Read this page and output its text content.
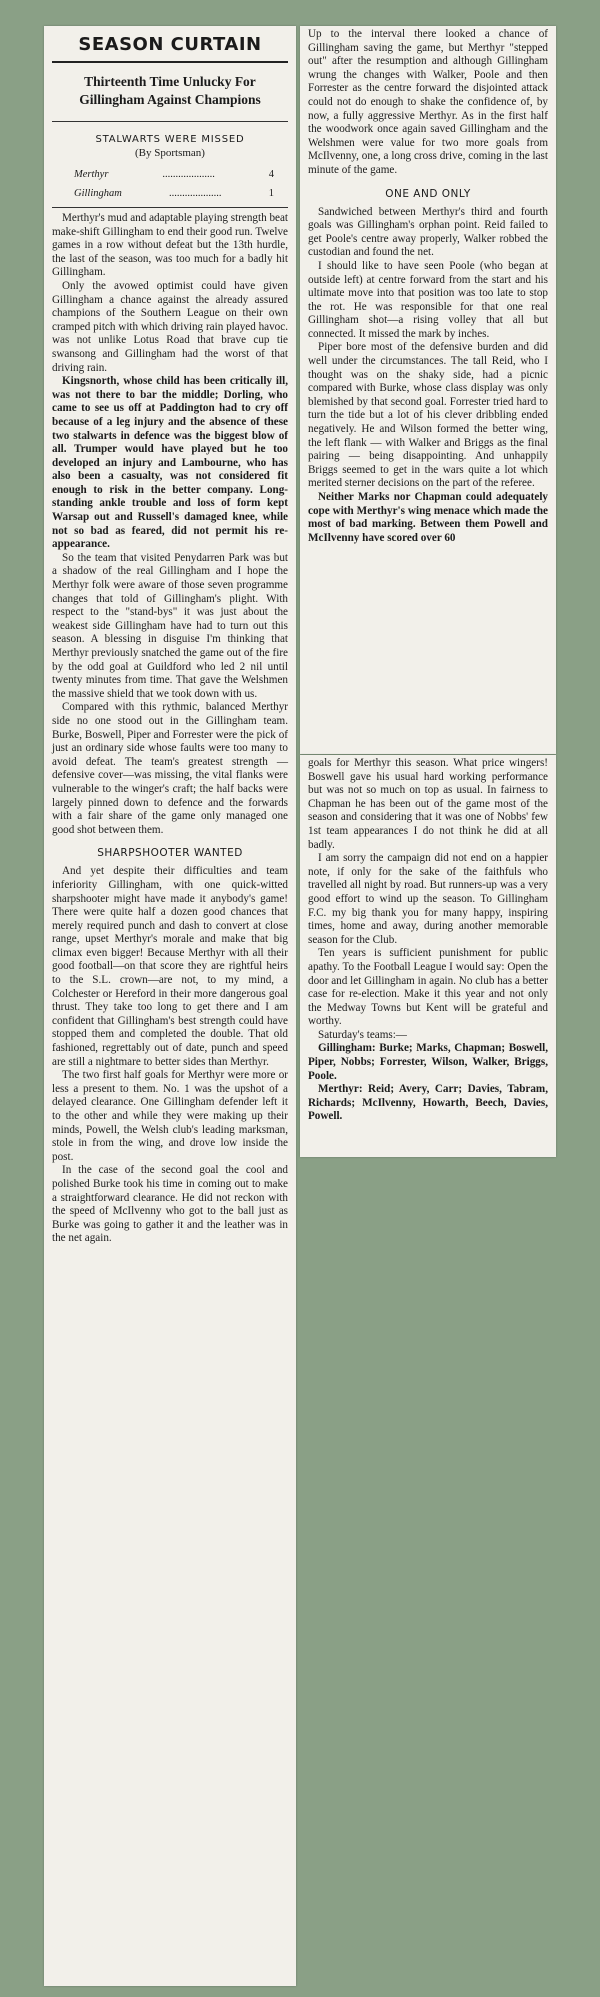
SEASON CURTAIN
Thirteenth Time Unlucky For Gillingham Against Champions
STALWARTS WERE MISSED
(By Sportsman)
Merthyr	....................	4
Gillingham	....................	1

Merthyr's mud and adaptable playing strength beat make-shift Gillingham to end their good run. Twelve games in a row without defeat but the 13th hurdle, the last of the season, was too much for a badly hit Gillingham.

Only the avowed optimist could have given Gillingham a chance against the already assured champions of the Southern League on their own cramped pitch with which driving rain played havoc. was not unlike Lotus Road that brave cup tie swansong and Gillingham had the worst of that driving rain.

Kingsnorth, whose child has been critically ill, was not there to bar the middle; Dorling, who came to see us off at Paddington had to cry off because of a leg injury and the absence of these two stalwarts in defence was the biggest blow of all. Trumper would have played but he too developed an injury and Lambourne, who has also been a casualty, was not considered fit enough to risk in the better company. Long-standing ankle trouble and loss of form kept Warsap out and Russell's damaged knee, while not so bad as feared, did not permit his re-appearance.

So the team that visited Penydarren Park was but a shadow of the real Gillingham and I hope the Merthyr folk were aware of those seven programme changes that told of Gillingham's plight. With respect to the "stand-bys" it was just about the weakest side Gillingham have had to turn out this season. A blessing in disguise I'm thinking that Merthyr previously snatched the game out of the fire by the odd goal at Guildford who led 2 nil until twenty minutes from time. That gave the Welshmen the massive shield that we took down with us.

Compared with this rythmic, balanced Merthyr side no one stood out in the Gillingham team. Burke, Boswell, Piper and Forrester were the pick of just an ordinary side whose faults were too many to avoid defeat. The team's greatest strength — defensive cover—was missing, the vital flanks were vulnerable to the winger's craft; the half backs were largely pinned down to defence and the forwards with a fair share of the game only managed one good shot between them.

SHARPSHOOTER WANTED

And yet despite their difficulties and team inferiority Gillingham, with one quick-witted sharpshooter might have made it anybody's game! There were quite half a dozen good chances that merely required punch and dash to convert at close range, upset Merthyr's morale and make that big climax even bigger! Because Merthyr with all their good football—on that score they are rightful heirs to the S.L. crown—are not, to my mind, a Colchester or Hereford in their more dangerous goal thrust. They take too long to get there and I am confident that Gillingham's best strength could have stopped them and completed the double. That old fashioned, regrettably out of date, punch and speed are still a nightmare to better sides than Merthyr.

The two first half goals for Merthyr were more or less a present to them. No. 1 was the upshot of a delayed clearance. One Gillingham defender left it to the other and while they were making up their minds, Powell, the Welsh club's leading marksman, stole in from the wing, and drove low inside the post.

In the case of the second goal the cool and polished Burke took his time in coming out to make a straightforward clearance. He did not reckon with the speed of McIlvenny who got to the ball just as Burke was going to gather it and the leather was in the net again.

Up to the interval there looked a chance of Gillingham saving the game, but Merthyr "stepped out" after the resumption and although Gillingham wrung the changes with Walker, Poole and then Forrester as the centre forward the disjointed attack could not do enough to shake the confidence of, by now, a fully aggressive Merthyr. As in the first half the woodwork once again saved Gillingham and the Welshmen were value for two more goals from McIlvenny, one, a long cross drive, coming in the last minute of the game.

ONE AND ONLY

Sandwiched between Merthyr's third and fourth goals was Gillingham's orphan point. Reid failed to get Poole's centre away properly, Walker robbed the custodian and found the net.

I should like to have seen Poole (who began at outside left) at centre forward from the start and his ultimate move into that position was too late to stop the rot. He was responsible for that one real Gillingham shot—a rising volley that all but connected. It missed the mark by inches.

Piper bore most of the defensive burden and did well under the circumstances. The tall Reid, who I thought was on the shaky side, had a picnic compared with Burke, whose class display was only blemished by that second goal. Forrester tried hard to turn the tide but a lot of his clever dribbling ended negatively. He and Wilson formed the better wing, the left flank — with Walker and Briggs as the final pairing — being disappointing. And unhappily Briggs seemed to get in the wars quite a lot which merited sterner decisions on the part of the referee.

Neither Marks nor Chapman could adequately cope with Merthyr's wing menace which made the most of bad marking. Between them Powell and McIlvenny have scored over 60

goals for Merthyr this season. What price wingers! Boswell gave his usual hard working performance but was not so much on top as usual. In fairness to Chapman he has been out of the game most of the season and considering that it was one of Nobbs' few 1st team appearances I do not think he did at all badly.

I am sorry the campaign did not end on a happier note, if only for the sake of the faithfuls who travelled all night by road. But runners-up was a very good effort to wind up the season. To Gillingham F.C. my big thank you for many happy, inspiring times, home and away, during another memorable season for the Club.

Ten years is sufficient punishment for public apathy. To the Football League I would say: Open the door and let Gillingham in again. No club has a better case for re-election. Make it this year and not only the Medway Towns but Kent will be grateful and worthy.

Saturday's teams:—

Gillingham: Burke; Marks, Chapman; Boswell, Piper, Nobbs; Forrester, Wilson, Walker, Briggs, Poole.

Merthyr: Reid; Avery, Carr; Davies, Tabram, Richards; McIlvenny, Howarth, Beech, Davies, Powell.
